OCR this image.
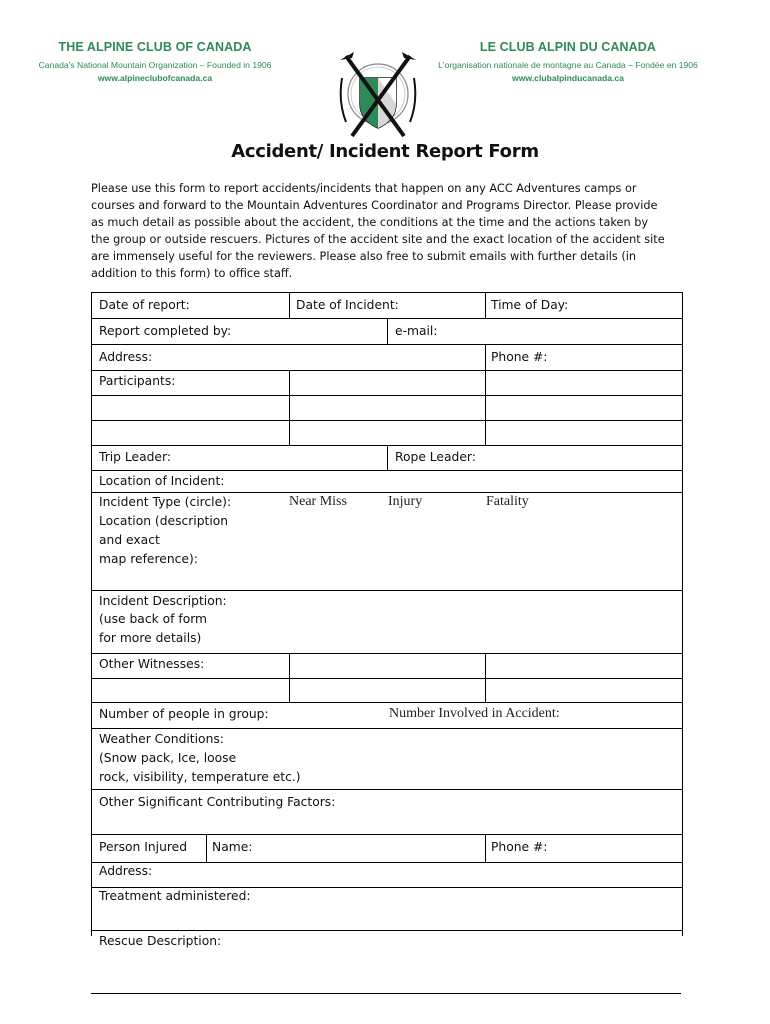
THE ALPINE CLUB OF CANADA
Canada's National Mountain Organization – Founded in 1906
www.alpineclubofcanada.ca
LE CLUB ALPIN DU CANADA
L'organisation nationale de montagne au Canada – Fondée en 1906
www.clubalpinducanada.ca
Accident/ Incident Report Form
Please use this form to report accidents/incidents that happen on any ACC Adventures camps or
courses and forward to the Mountain Adventures Coordinator and Programs Director. Please provide
as much detail as possible about the accident, the conditions at the time and the actions taken by
the group or outside rescuers. Pictures of the accident site and the exact location of the accident site
are immensely useful for the reviewers. Please also free to submit emails with further details (in
addition to this form) to office staff.
Date of report:	Date of Incident:	Time of Day:
Report completed by:	e-mail:
Address:	Phone #:
Participants:
Trip Leader:	Rope Leader:
Location of Incident:
Incident Type (circle):	Near Miss	Injury	Fatality
Location (description
and exact
map reference):
Incident Description:
(use back of form
for more details)
Other Witnesses:
Number of people in group:	Number Involved in Accident:
Weather Conditions:
(Snow pack, Ice, loose
rock, visibility, temperature etc.)
Other Significant Contributing Factors:
Person Injured Name:	Phone #:
Address:
Treatment administered:
Rescue Description:
